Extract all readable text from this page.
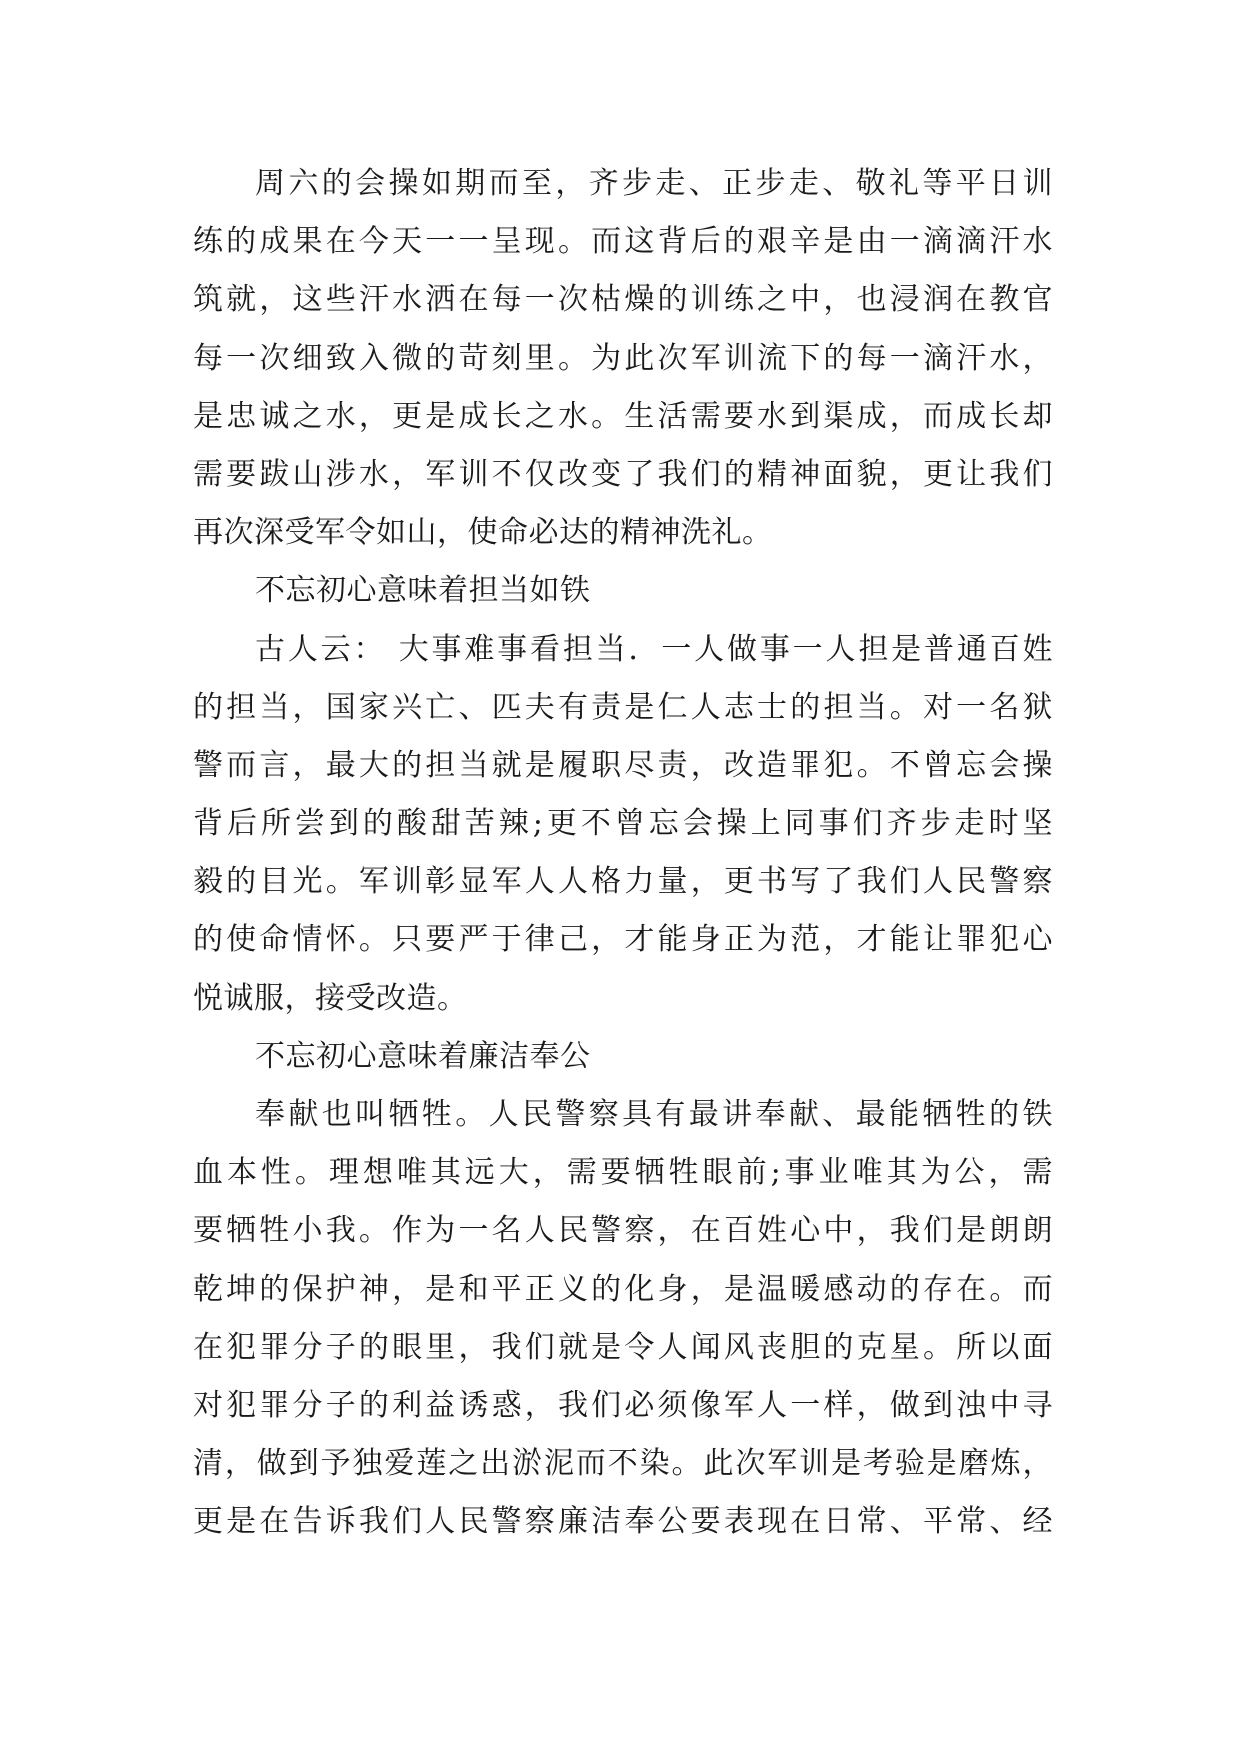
周六的会操如期而至，齐步走、正步走、敬礼等平日训
练的成果在今天一一呈现。而这背后的艰辛是由一滴滴汗水
筑就，这些汗水洒在每一次枯燥的训练之中，也浸润在教官
每一次细致入微的苛刻里。为此次军训流下的每一滴汗水，
是忠诚之水，更是成长之水。生活需要水到渠成，而成长却
需要跋山涉水，军训不仅改变了我们的精神面貌，更让我们
再次深受军令如山，使命必达的精神洗礼。
不忘初心意味着担当如铁
古人云： 大事难事看担当．一人做事一人担是普通百姓
的担当，国家兴亡、匹夫有责是仁人志士的担当。对一名狱
警而言，最大的担当就是履职尽责，改造罪犯。不曾忘会操
背后所尝到的酸甜苦辣;更不曾忘会操上同事们齐步走时坚
毅的目光。军训彰显军人人格力量，更书写了我们人民警察
的使命情怀。只要严于律己，才能身正为范，才能让罪犯心
悦诚服，接受改造。
不忘初心意味着廉洁奉公
奉献也叫牺牲。人民警察具有最讲奉献、最能牺牲的铁
血本性。理想唯其远大，需要牺牲眼前;事业唯其为公，需
要牺牲小我。作为一名人民警察，在百姓心中，我们是朗朗
乾坤的保护神，是和平正义的化身，是温暖感动的存在。而
在犯罪分子的眼里，我们就是令人闻风丧胆的克星。所以面
对犯罪分子的利益诱惑，我们必须像军人一样，做到浊中寻
清，做到予独爱莲之出淤泥而不染。此次军训是考验是磨炼，
更是在告诉我们人民警察廉洁奉公要表现在日常、平常、经
